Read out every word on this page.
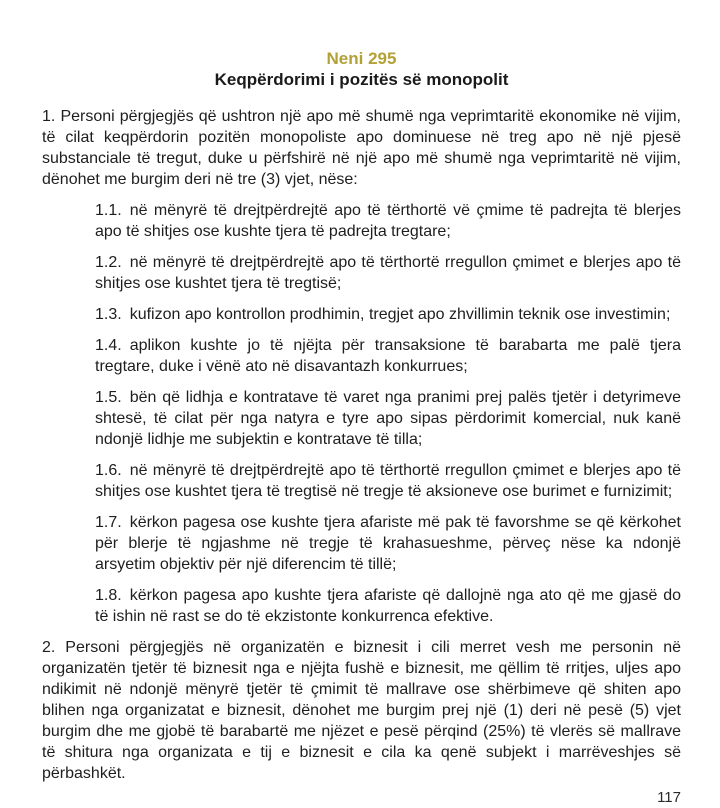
Neni 295
Keqpërdorimi i pozitës së monopolit

1. Personi përgjegjës që ushtron një apo më shumë nga veprimtaritë ekonomike në vijim, të cilat keqpërdorin pozitën monopoliste apo dominuese në treg apo në një pjesë substanciale të tregut, duke u përfshirë në një apo më shumë nga veprimtaritë në vijim, dënohet me burgim deri në tre (3) vjet, nëse:

1.1. në mënyrë të drejtpërdrejtë apo të tërthortë vë çmime të padrejta të blerjes apo të shitjes ose kushte tjera të padrejta tregtare;

1.2. në mënyrë të drejtpërdrejtë apo të tërthortë rregullon çmimet e blerjes apo të shitjes ose kushtet tjera të tregtisë;

1.3. kufizon apo kontrollon prodhimin, tregjet apo zhvillimin teknik ose investimin;

1.4. aplikon kushte jo të njëjta për transaksione të barabarta me palë tjera tregtare, duke i vënë ato në disavantazh konkurrues;

1.5. bën që lidhja e kontratave të varet nga pranimi prej palës tjetër i detyrimeve shtesë, të cilat për nga natyra e tyre apo sipas përdorimit komercial, nuk kanë ndonjë lidhje me subjektin e kontratave të tilla;

1.6. në mënyrë të drejtpërdrejtë apo të tërthortë rregullon çmimet e blerjes apo të shitjes ose kushtet tjera të tregtisë në tregje të aksioneve ose burimet e furnizimit;

1.7. kërkon pagesa ose kushte tjera afariste më pak të favorshme se që kërkohet për blerje të ngjashme në tregje të krahasueshme, përveç nëse ka ndonjë arsyetim objektiv për një diferencim të tillë;

1.8. kërkon pagesa apo kushte tjera afariste që dallojnë nga ato që me gjasë do të ishin në rast se do të ekzistonte konkurrenca efektive.

2. Personi përgjegjës në organizatën e biznesit i cili merret vesh me personin në organizatën tjetër të biznesit nga e njëjta fushë e biznesit, me qëllim të rritjes, uljes apo ndikimit në ndonjë mënyrë tjetër të çmimit të mallrave ose shërbimeve që shiten apo blihen nga organizatat e biznesit, dënohet me burgim prej një (1) deri në pesë (5) vjet burgim dhe me gjobë të barabartë me njëzet e pesë përqind (25%) të vlerës së mallrave të shitura nga organizata e tij e biznesit e cila ka qenë subjekt i marrëveshjes së përbashkët.

117
